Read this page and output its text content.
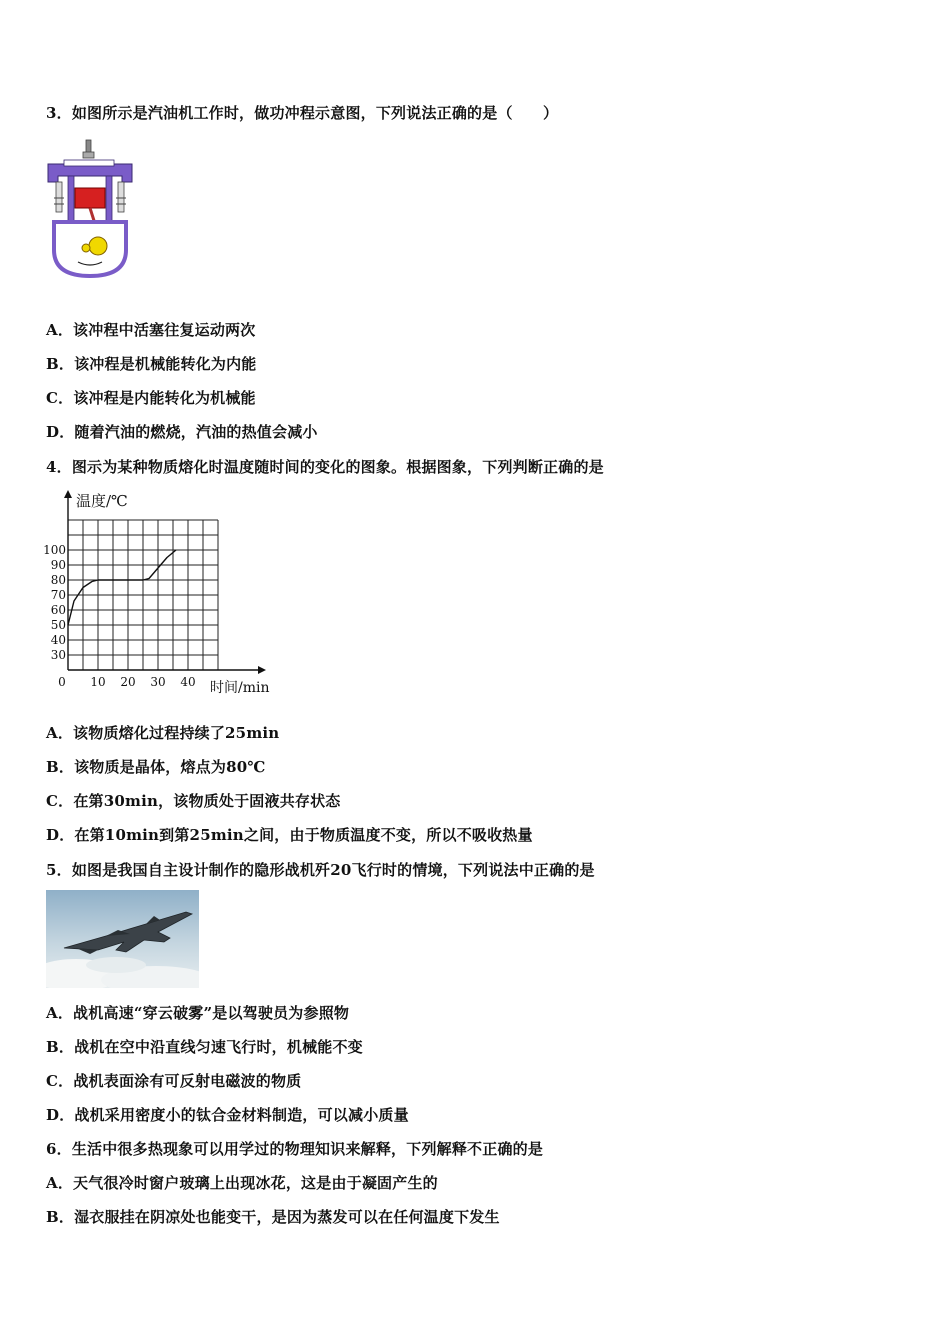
3．如图所示是汽油机工作时，做功冲程示意图，下列说法正确的是（　　）
A．该冲程中活塞往复运动两次
B．该冲程是机械能转化为内能
C．该冲程是内能转化为机械能
D．随着汽油的燃烧，汽油的热值会减小
4．图示为某种物质熔化时温度随时间的变化的图象。根据图象，下列判断正确的是
0 10 20 30 40
30
40
50
60
70
80
90
100
温度/℃
时间/min
A．该物质熔化过程持续了25min
B．该物质是晶体，熔点为80℃
C．在第30min，该物质处于固液共存状态
D．在第10min到第25min之间，由于物质温度不变，所以不吸收热量
5．如图是我国自主设计制作的隐形战机歼20飞行时的情境，下列说法中正确的是
A．战机高速“穿云破雾”是以驾驶员为参照物
B．战机在空中沿直线匀速飞行时，机械能不变
C．战机表面涂有可反射电磁波的物质
D．战机采用密度小的钛合金材料制造，可以减小质量
6．生活中很多热现象可以用学过的物理知识来解释，下列解释不正确的是
A．天气很冷时窗户玻璃上出现冰花，这是由于凝固产生的
B．湿衣服挂在阴凉处也能变干，是因为蒸发可以在任何温度下发生
